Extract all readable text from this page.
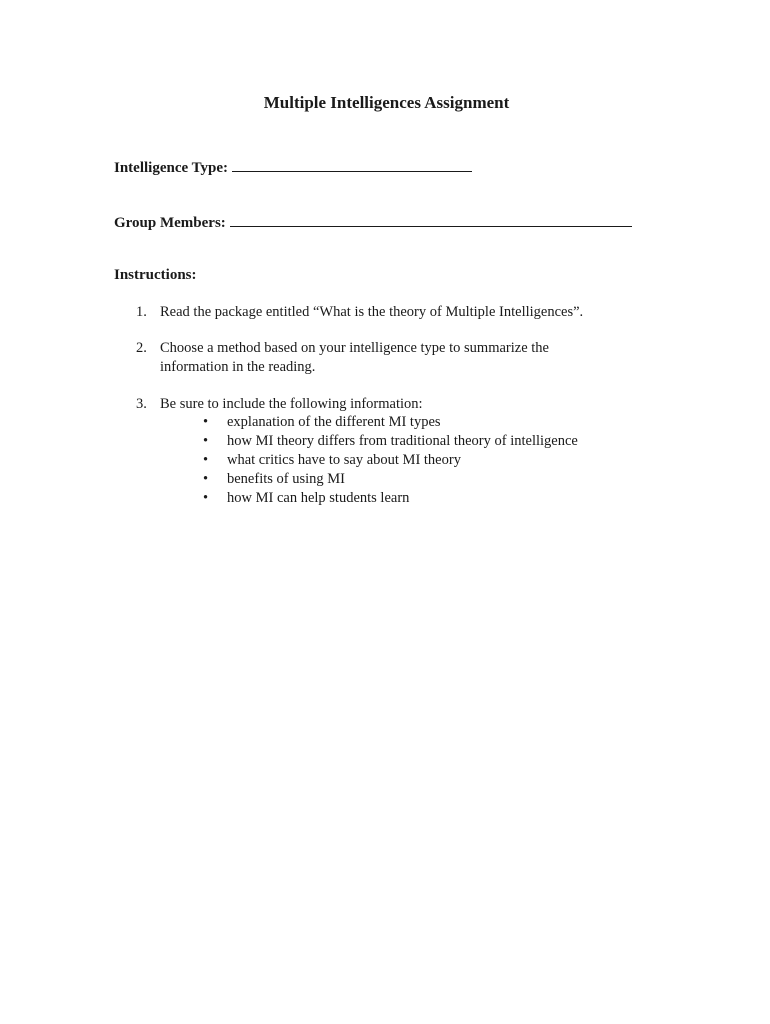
Multiple Intelligences Assignment
Intelligence Type:
Group Members:
Instructions:
1. Read the package entitled “What is the theory of Multiple Intelligences”.
2. Choose a method based on your intelligence type to summarize the information in the reading.
3. Be sure to include the following information:
• explanation of the different MI types
• how MI theory differs from traditional theory of intelligence
• what critics have to say about MI theory
• benefits of using MI
• how MI can help students learn
